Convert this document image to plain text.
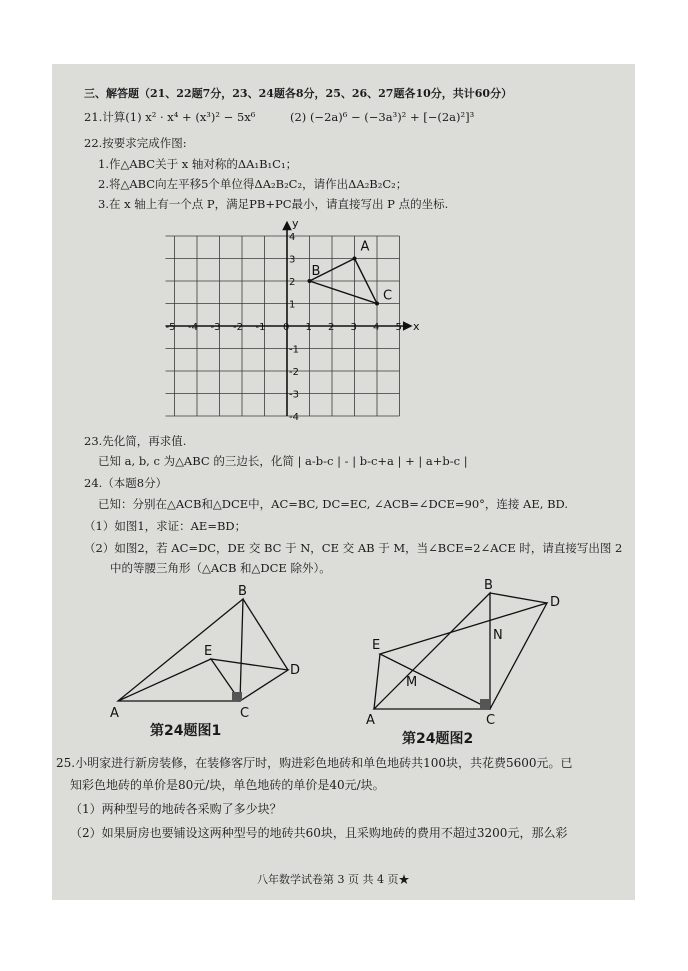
三、解答题（21、22题7分，23、24题各8分，25、26、27题各10分，共计60分）
21.计算(1) x² · x⁴ + (x³)² − 5x⁶	(2) (−2a)⁶ − (−3a³)² + [−(2a)²]³
22.按要求完成作图:
1.作△ABC关于 x 轴对称的ΔA₁B₁C₁；
2.将△ABC向左平移5个单位得ΔA₂B₂C₂，请作出ΔA₂B₂C₂；
3.在 x 轴上有一个点 P，满足PB+PC最小，请直接写出 P 点的坐标.
-5 -4 -3 -2 -1 0 1 2 3 4 5
4
3
2
1
-1
-2
-3
-4
x
y
A
B
C
23.先化简，再求值.
已知 a, b, c 为△ABC 的三边长，化简 | a-b-c | - | b-c+a | + | a+b-c |
24.（本题8分）
已知：分别在△ACB和△DCE中，AC=BC, DC=EC, ∠ACB=∠DCE=90°，连接 AE, BD.
（1）如图1，求证：AE=BD；
（2）如图2，若 AC=DC，DE 交 BC 于 N，CE 交 AB 于 M，当∠BCE=2∠ACE 时，请直接写出图 2
中的等腰三角形（△ACB 和△DCE 除外）。
A
B
C
D
E
第24题图1
A
B
C
D
E
M
N
第24题图2
25.小明家进行新房装修，在装修客厅时，购进彩色地砖和单色地砖共100块，共花费5600元。已
知彩色地砖的单价是80元/块，单色地砖的单价是40元/块。
（1）两种型号的地砖各采购了多少块？
（2）如果厨房也要铺设这两种型号的地砖共60块，且采购地砖的费用不超过3200元，那么彩
八年数学试卷第 3 页 共 4 页★
